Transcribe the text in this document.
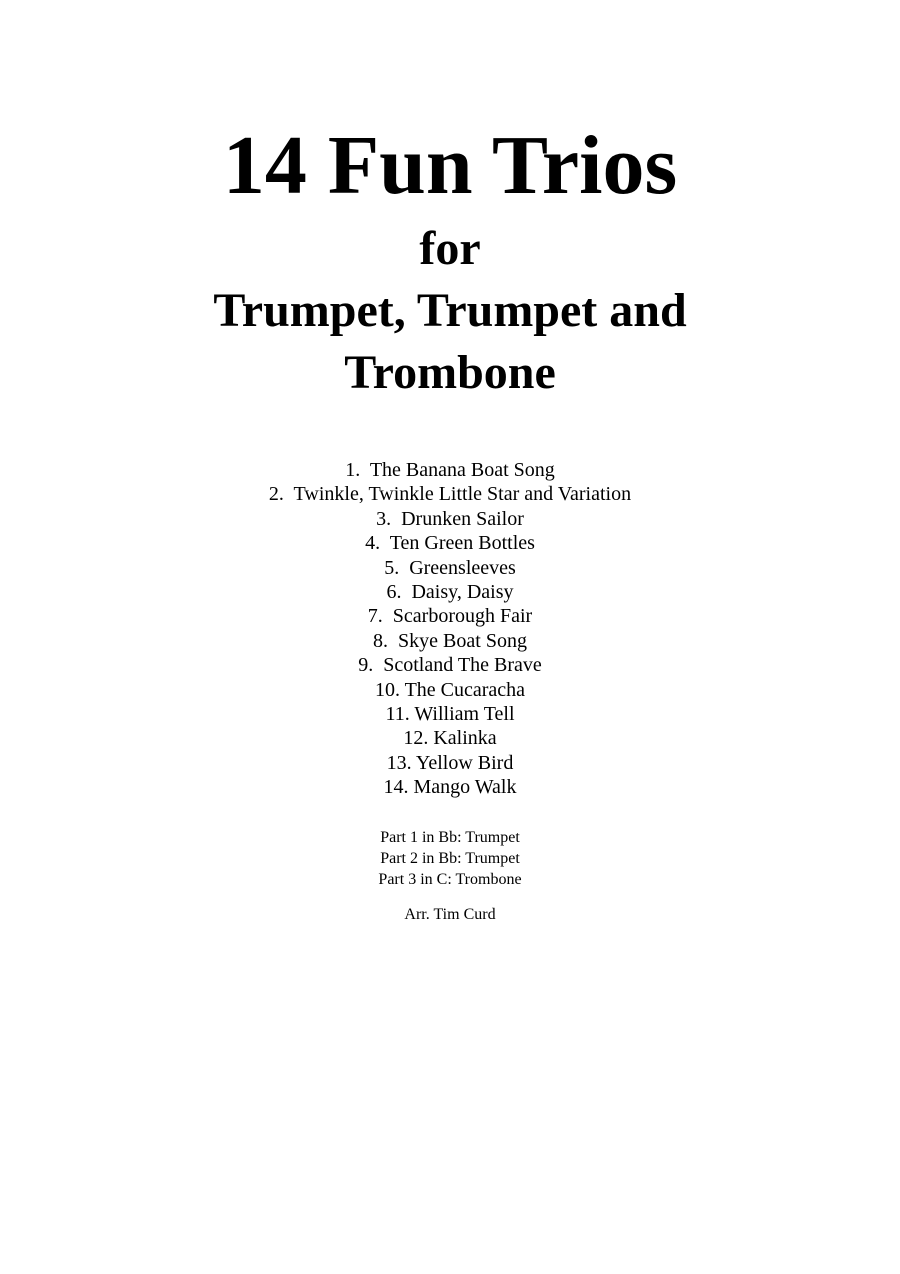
14 Fun Trios
for
Trumpet, Trumpet and
Trombone
1.  The Banana Boat Song
2.  Twinkle, Twinkle Little Star and Variation
3.  Drunken Sailor
4.  Ten Green Bottles
5.  Greensleeves
6.  Daisy, Daisy
7.  Scarborough Fair
8.  Skye Boat Song
9.  Scotland The Brave
10. The Cucaracha
11. William Tell
12. Kalinka
13. Yellow Bird
14. Mango Walk
Part 1 in Bb: Trumpet
Part 2 in Bb: Trumpet
Part 3 in C: Trombone
Arr. Tim Curd
